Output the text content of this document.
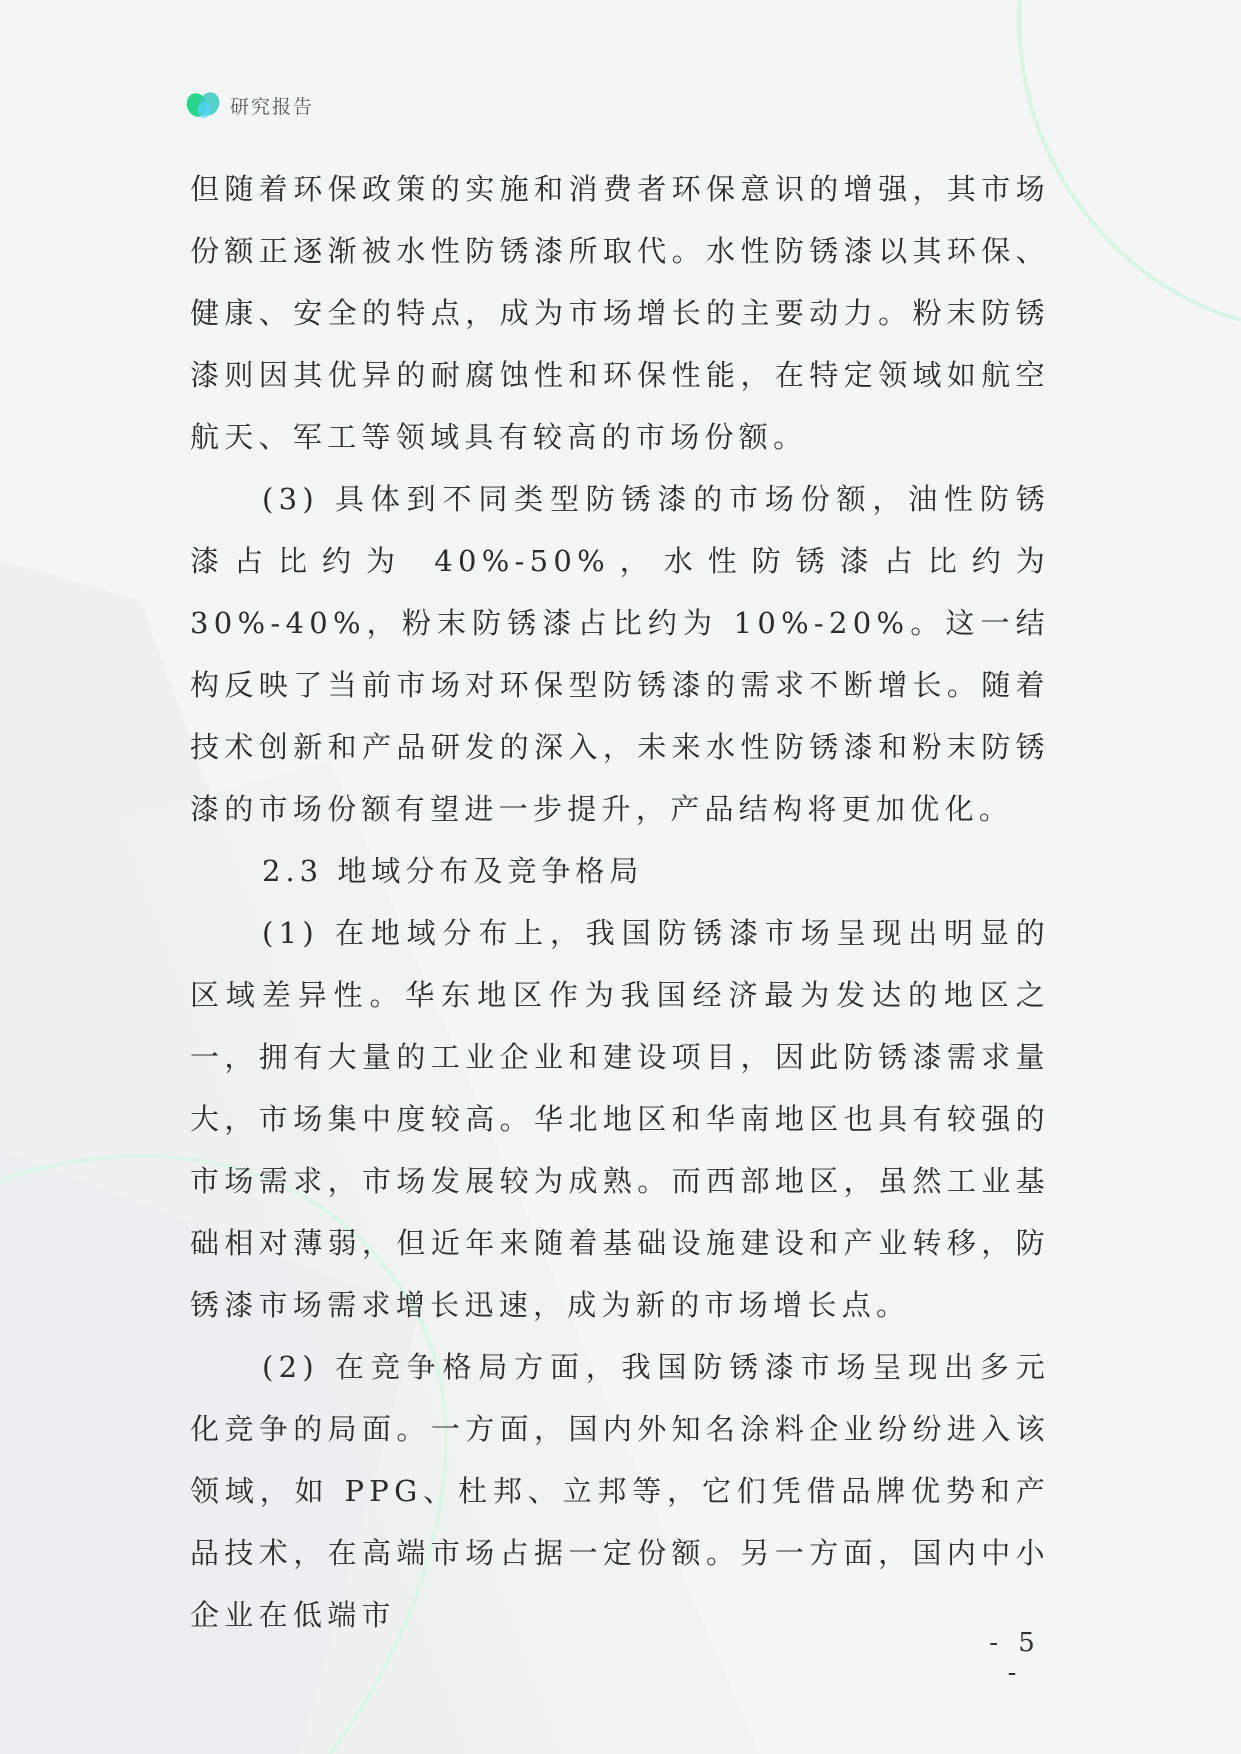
研究报告

但随着环保政策的实施和消费者环保意识的增强，其市场份额正逐渐被水性防锈漆所取代。水性防锈漆以其环保、健康、安全的特点，成为市场增长的主要动力。粉末防锈漆则因其优异的耐腐蚀性和环保性能，在特定领域如航空航天、军工等领域具有较高的市场份额。

(3) 具体到不同类型防锈漆的市场份额，油性防锈漆占比约为 40%-50%，水性防锈漆占比约为 30%-40%，粉末防锈漆占比约为 10%-20%。这一结构反映了当前市场对环保型防锈漆的需求不断增长。随着技术创新和产品研发的深入，未来水性防锈漆和粉末防锈漆的市场份额有望进一步提升，产品结构将更加优化。

2.3 地域分布及竞争格局

(1) 在地域分布上，我国防锈漆市场呈现出明显的区域差异性。华东地区作为我国经济最为发达的地区之一，拥有大量的工业企业和建设项目，因此防锈漆需求量大，市场集中度较高。华北地区和华南地区也具有较强的市场需求，市场发展较为成熟。而西部地区，虽然工业基础相对薄弱，但近年来随着基础设施建设和产业转移，防锈漆市场需求增长迅速，成为新的市场增长点。

(2) 在竞争格局方面，我国防锈漆市场呈现出多元化竞争的局面。一方面，国内外知名涂料企业纷纷进入该领域，如 PPG、杜邦、立邦等，它们凭借品牌优势和产品技术，在高端市场占据一定份额。另一方面，国内中小企业在低端市

- 5 -
